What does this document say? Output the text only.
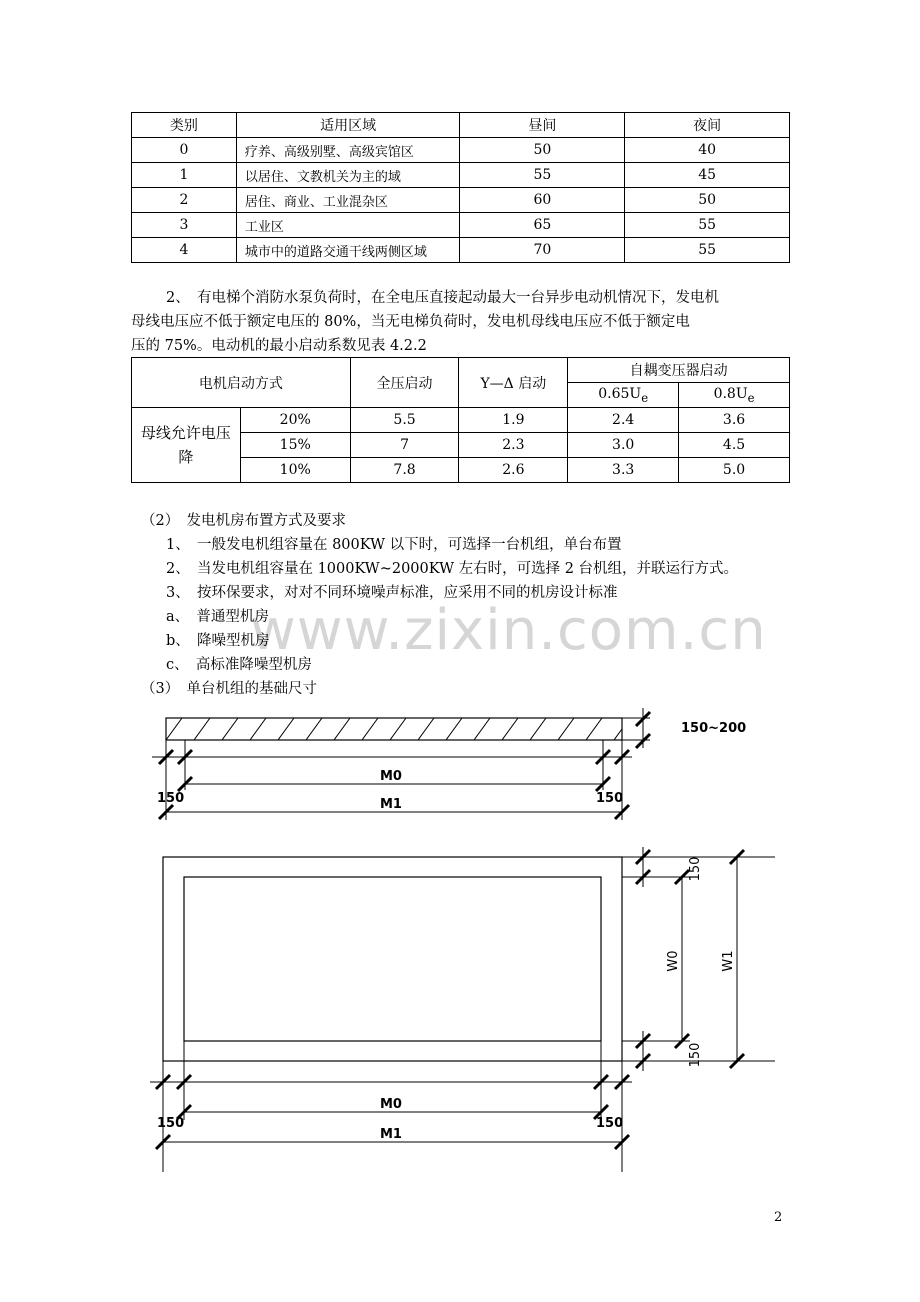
类别	适用区域	昼间	夜间
0	疗养、高级别墅、高级宾馆区	50	40
1	以居住、文教机关为主的域	55	45
2	居住、商业、工业混杂区	60	50
3	工业区	65	55
4	城市中的道路交通干线两侧区域	70	55
2、　有电梯个消防水泵负荷时，在全电压直接起动最大一台异步电动机情况下，发电机
母线电压应不低于额定电压的 80%，当无电梯负荷时，发电机母线电压应不低于额定电
压的 75%。电动机的最小启动系数见表 4.2.2
电机启动方式		全压启动	Y—Δ 启动	自耦变压器启动	
				$0.65U_e$	$0.8U_e$
母线允许电压降	20%	5.5	1.9	2.4	3.6
	15%	7	2.3	3.0	4.5
	10%	7.8	2.6	3.3	5.0
www.zixin.com.cn
（2）　发电机房布置方式及要求
1、　一般发电机组容量在 800KW 以下时，可选择一台机组，单台布置
2、　当发电机组容量在 1000KW~2000KW 左右时，可选择 2 台机组，并联运行方式。
3、　按环保要求，对对不同环境噪声标准，应采用不同的机房设计标准
a、　普通型机房
b、　降噪型机房
c、　高标准降噪型机房
（3）　单台机组的基础尺寸
150~200
M0
150	150
M1
150
150
W0	W1
M0
150	150
M1
2
